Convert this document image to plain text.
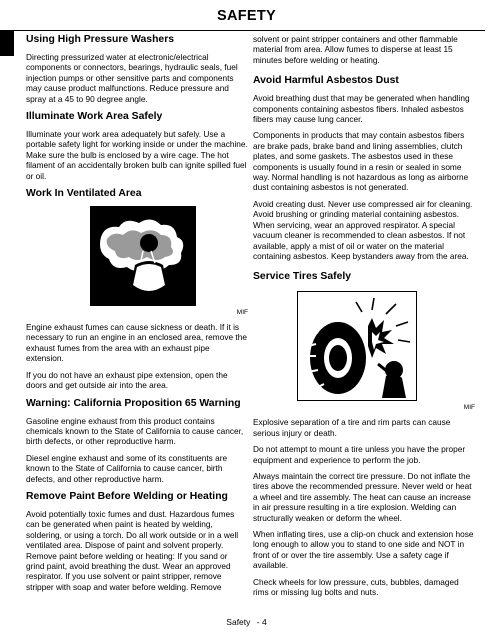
SAFETY
Using High Pressure Washers

Directing pressurized water at electronic/electrical components or connectors, bearings, hydraulic seals, fuel injection pumps or other sensitive parts and components may cause product malfunctions. Reduce pressure and spray at a 45 to 90 degree angle.

Illuminate Work Area Safely

Illuminate your work area adequately but safely. Use a portable safety light for working inside or under the machine. Make sure the bulb is enclosed by a wire cage. The hot filament of an accidentally broken bulb can ignite spilled fuel or oil.

Work In Ventilated Area
MIF

Engine exhaust fumes can cause sickness or death. If it is necessary to run an engine in an enclosed area, remove the exhaust fumes from the area with an exhaust pipe extension.

If you do not have an exhaust pipe extension, open the doors and get outside air into the area.

Warning: California Proposition 65 Warning

Gasoline engine exhaust from this product contains chemicals known to the State of California to cause cancer, birth defects, or other reproductive harm.

Diesel engine exhaust and some of its constituents are known to the State of California to cause cancer, birth defects, and other reproductive harm.

Remove Paint Before Welding or Heating

Avoid potentially toxic fumes and dust. Hazardous fumes can be generated when paint is heated by welding, soldering, or using a torch. Do all work outside or in a well ventilated area. Dispose of paint and solvent properly. Remove paint before welding or heating: If you sand or grind paint, avoid breathing the dust. Wear an approved respirator. If you use solvent or paint stripper, remove stripper with soap and water before welding. Remove

solvent or paint stripper containers and other flammable material from area. Allow fumes to disperse at least 15 minutes before welding or heating.

Avoid Harmful Asbestos Dust

Avoid breathing dust that may be generated when handling components containing asbestos fibers. Inhaled asbestos fibers may cause lung cancer.

Components in products that may contain asbestos fibers are brake pads, brake band and lining assemblies, clutch plates, and some gaskets. The asbestos used in these components is usually found in a resin or sealed in some way. Normal handling is not hazardous as long as airborne dust containing asbestos is not generated.

Avoid creating dust. Never use compressed air for cleaning. Avoid brushing or grinding material containing asbestos. When servicing, wear an approved respirator. A special vacuum cleaner is recommended to clean asbestos. If not available, apply a mist of oil or water on the material containing asbestos. Keep bystanders away from the area.

Service Tires Safely
MIF

Explosive separation of a tire and rim parts can cause serious injury or death.

Do not attempt to mount a tire unless you have the proper equipment and experience to perform the job.

Always maintain the correct tire pressure. Do not inflate the tires above the recommended pressure. Never weld or heat a wheel and tire assembly. The heat can cause an increase in air pressure resulting in a tire explosion. Welding can structurally weaken or deform the wheel.

When inflating tires, use a clip-on chuck and extension hose long enough to allow you to stand to one side and NOT in front of or over the tire assembly. Use a safety cage if available.

Check wheels for low pressure, cuts, bubbles, damaged rims or missing lug bolts and nuts.

Safety - 4
